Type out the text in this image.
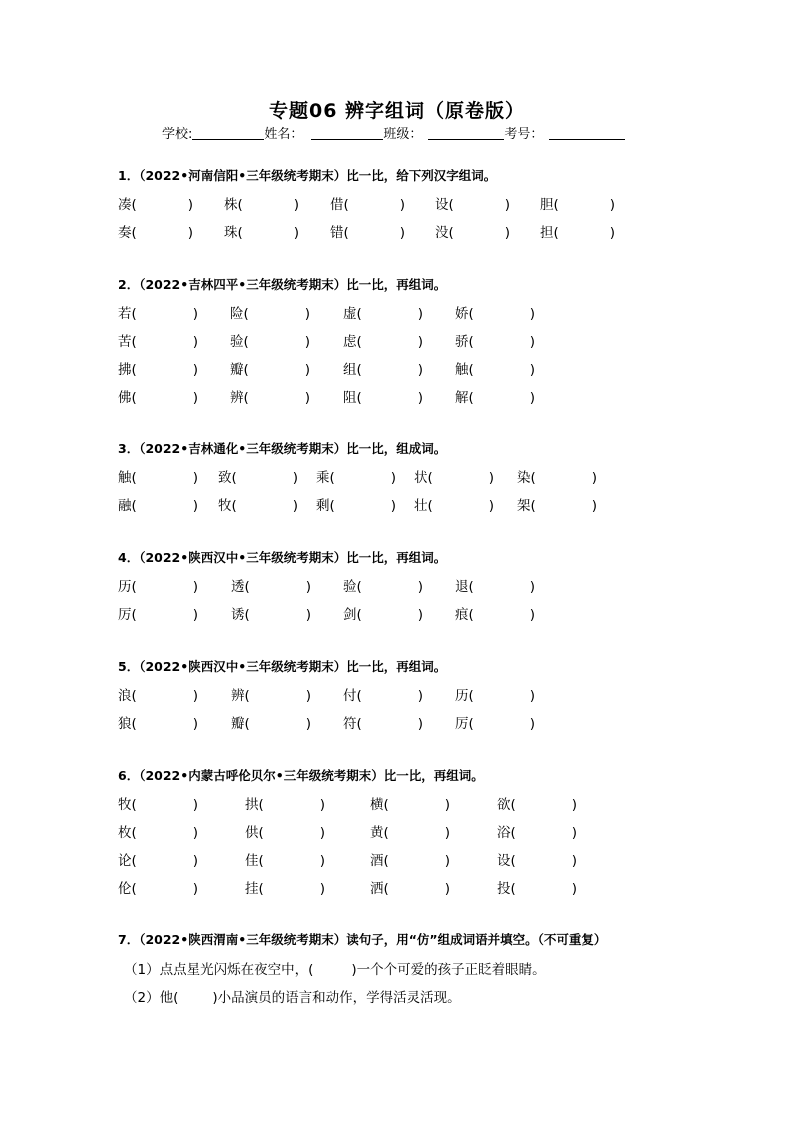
专题06 辨字组词（原卷版）
学校:	姓名：	班级：	考号：
1．（2022•河南信阳•三年级统考期末）比一比，给下列汉字组词。
凑(	) 株(	) 借(	) 设(	) 胆(	)
奏(	) 珠(	) 错(	) 没(	) 担(	)
2．（2022•吉林四平•三年级统考期末）比一比，再组词。
若(	) 险(	) 虚(	) 娇(	)
苦(	) 验(	) 虑(	) 骄(	)
拂(	) 瓣(	) 组(	) 触(	)
佛(	) 辨(	) 阻(	) 解(	)
3．（2022•吉林通化•三年级统考期末）比一比，组成词。
触(	) 致(	) 乘(	) 状(	) 染(	)
融(	) 牧(	) 剩(	) 壮(	) 架(	)
4．（2022•陕西汉中•三年级统考期末）比一比，再组词。
历(	) 透(	) 验(	) 退(	)
厉(	) 诱(	) 剑(	) 痕(	)
5．（2022•陕西汉中•三年级统考期末）比一比，再组词。
浪(	) 辨(	) 付(	) 历(	)
狼(	) 瓣(	) 符(	) 厉(	)
6．（2022•内蒙古呼伦贝尔•三年级统考期末）比一比，再组词。
牧(	)	拱(	)	横(	)	欲(	)
枚(	)	供(	)	黄(	)	浴(	)
论(	)	佳(	)	酒(	)	设(	)
伦(	)	挂(	)	洒(	)	投(	)
7．（2022•陕西渭南•三年级统考期末）读句子，用“仿”组成词语并填空。（不可重复）
（1）点点星光闪烁在夜空中，(	)一个个可爱的孩子正眨着眼睛。
（2）他(	)小品演员的语言和动作，学得活灵活现。
